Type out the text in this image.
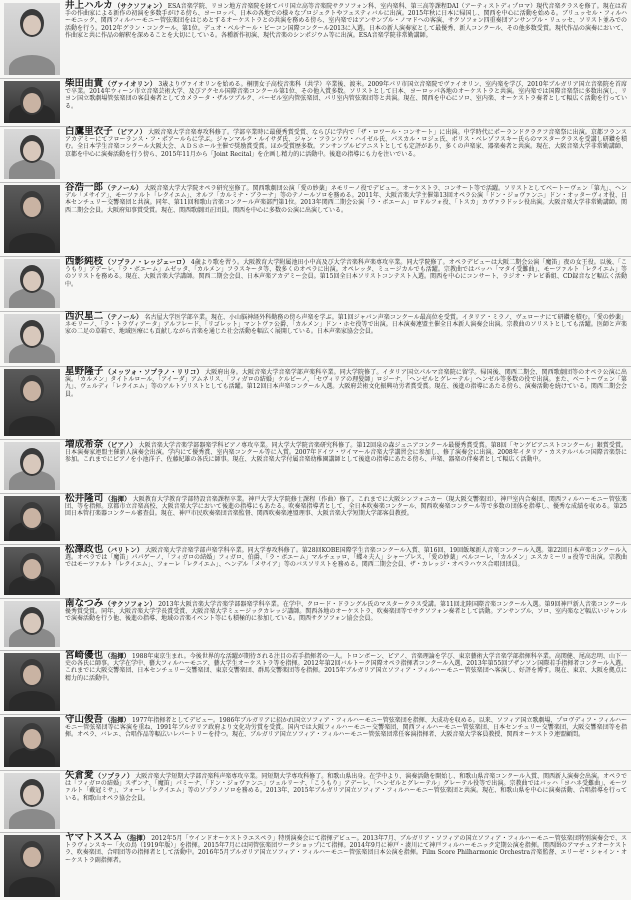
井上ハルカ（サクソフォン） ESA音楽学院、リヨン地方音楽院を経てパリ国立高等音楽院サクソフォン科、室内楽科、第三高等課程DAI（アーティストディプロマ）現代音楽クラスを修了。現在は若手の作曲家による新作の初演を多数手がける傍ら、ヨーロッパ、日本の各地での様々なプロジェクトやフェスティバルに出演。2015年秋に日本に帰国し、関西を中心に活動を始める。ブリュッセル・フィルハーモニック、関西フィルハーモニー管弦楽団をはじめとするオーケストラとの共演を務める傍ら、室内楽ではアンサンブル・ノマドへの客演、サクソフォン四重奏団アンサンブル・リュッセ、ソリスト並みでの活動を行う。2012年グラン・コンクール、第1位。デュオ・ベルナール・ビーコン国際コンクール2013に入選。日本の新人演奏家として最優秀、新人コンクール、その他多数受賞。現代作品の演奏において、作曲家と共に作品の解釈を深めることを大切にしている。各種新作初演、現代音楽のシンポジウム等に出演。ESA音楽学院非常勤講師。
柴田由貴（ヴァイオリン） 3歳よりヴァイオリンを始める。桐朋女子高校音楽科（共学）卒業後、渡米。2009年パリ市国立音楽院でヴァイオリン、室内楽を学び、2010年ブルガリア国立音楽院を首席で卒業。2014年ウィーン市立音楽芸術大学、及びアクセル国際音楽コンクール第1位、その他入賞多数。ソリストとして日本、ヨーロッパ各地のオーケストラと共演。室内楽では国際音楽祭に多数出演し、リヨン国立歌劇場管弦楽団の客員奏者としてカメラータ・ザルツブルク、バーゼル室内管弦楽団、パリ室内管弦楽団等と共演。現在、関西を中心にソロ、室内楽、オーケストラ奏者として幅広く活動を行っている。
白鷹里衣子（ピアノ） 大阪音楽大学音楽専攻科修了。学部卒業時に最優秀賞受賞、ならびに学内で「ザ・ロワール・コンサート」に出演。中学時代にポーランドクラクフ音楽祭に出演。京都フランスアカデミーにてフローランス・フ・ポアールらに学ぶ。ジャンマルク・ルイサダ氏、ジャン・フランソワ・ハイゼル氏、パスカル・ロジェ氏、ボリス・ベレゾフスキー氏らのマスタークラスを受講し研鑽を積む。全日本学生音楽コンクール大阪大会、ＡＤＳホール主催で奨励賞受賞。ほか受賞歴多数。アンサンブルピアニストとしても定評があり、多くの声楽家、器楽奏者と共演。現在、大阪音楽大学非常勤講師、京都を中心に演奏活動を行う傍ら、2015年11月から「Joint Recital」を企画し精力的に活動中。後進の指導にも力を注いでいる。
谷浩一郎（テノール） 大阪音楽大学大学院オペラ研究室修了。関西歌劇団公演「愛の妙薬」ネモリーノ役でデビュー。オーケストラ、コンサート等で活躍。ソリストとしてベートーヴェン「第九」、ヘンデル「メサイア」、モーツァルト「レクイエム」、オルフ「カルミナ・ブラーナ」等のテノールソロを務める。2011年、大阪音楽大学主催第13回オペラ公演「ドン・ジョヴァンニ」ドン・オッターヴィオ役、日本センチュリー交響楽団と共演。同年、第11回和歌山音楽コンクール声楽部門第1位。2013年関西二期会公演「ラ・ボエーム」ロドルフォ役、「トスカ」カヴァラドッシ役出演。大阪音楽大学非常勤講師。関西二期会会員。大阪府知事賞受賞。現在、関西歌劇団正団員。関西を中心に多数の公演に出演している。
西影純枝（ソプラノ・レッジェーロ） 4歳より歌を習う。大阪教育大学附属池田小中高及び大学音楽科声楽専攻卒業。同大学院修了。オペラデビューは大阪二期会公演「魔笛」夜の女王役。以後、「こうもり」アデーレ、「ラ・ボエーム」ムゼッタ、「カルメン」フラスキータ等、数多くのオペラに出演。オペレッタ、ミュージカルでも活躍。宗教曲ではバッハ「マタイ受難曲」、モーツァルト「レクイエム」等のソリストを務める。現在、大阪音楽大学講師。関西二期会会員、日本声楽アカデミー会員。第15回全日本ソリストコンテスト入選。関西を中心にコンサート、ラジオ・テレビ番組、CD録音など幅広く活動中。
西沢星二（テノール） 名古屋大学医学部卒業。現在、小山脳神経外科勤務の傍ら声楽を学ぶ。第1回ジャパン声楽コンクール最高位を受賞。イタリア・ミラノ、ヴェローナにて研鑽を積む。「愛の妙薬」ネモリーノ、「ラ・トラヴィアータ」アルフレード、「リゴレット」マントヴァ公爵、「カルメン」ドン・ホセ役等で出演。日本演奏連盟主催全日本新人演奏会出演。宗教曲のソリストとしても活躍。医師と声楽家の二足の草鞋で、地域医療にも貢献しながら音楽を通じた社会活動を幅広く展開している。日本声楽家協会会員。
星野隆子（メッツォ・ソプラノ・リリコ） 大阪府出身。大阪音楽大学音楽学部声楽科卒業。同大学院修了。イタリア国立パルマ音楽院に留学。帰国後、関西二期会、関西歌劇団等のオペラ公演に出演。「カルメン」タイトルロール、「アイーダ」アムネリス、「フィガロの結婚」ケルビーノ、「セヴィリアの理髪師」ロジーナ、「ヘンゼルとグレーテル」ヘンゼル等多数の役で出演。また、ベートーヴェン「第九」、ヴェルディ「レクイエム」等のアルトソリストとしても活躍。第12回日本声楽コンクール入選。大阪府芸術文化振興功労者賞受賞。現在、後進の指導にあたる傍ら、演奏活動を続けている。関西二期会会員。
増成希奈（ピアノ） 大阪音楽大学音楽学部器楽学科ピアノ専攻卒業。同大学大学院音楽研究科修了。第12回泉の森ジュニアコンクール最優秀賞受賞。第8回「ヤングピアニストコンクール」銀賞受賞。日本演奏家連盟主催新人演奏会出演。学内にて優秀賞、室内楽コンクール等に入賞。2007年ドイツ・ワイマール音楽大学講習会に参加し、修了演奏会に出演。2008年イタリア・カステルバルコ国際音楽祭に参加。これまでにピアノを小池洋子、佐藤紀雄の各氏に師事。現在、大阪音楽大学付属音楽幼稚園講師として後進の指導にあたる傍ら、声楽、器楽の伴奏者として幅広く活動中。
松井隆司（指揮） 大阪教育大学教育学部特設音楽課程卒業。神戸大学大学院修士課程（作曲）修了。これまでに大阪シンフォニカー（現大阪交響楽団）、神戸室内合奏団、関西フィルハーモニー管弦楽団、等を指揮。京都市立音楽高校、大阪音楽大学において後進の指導にもあたる。吹奏楽指導者として、全日本吹奏楽コンクール、関西吹奏楽コンクール等で多数の団体を指導し、優秀な成績を収める。第25回日本管打楽器コンクール審査員。現在、神戸市民吹奏楽団音楽監督、関西吹奏楽連盟理事、大阪音楽大学短期大学部客員教授。
松澤政也（バリトン） 大阪音楽大学音楽学部声楽学科卒業。同大学専攻科修了。第28回KOBE国際学生音楽コンクール入賞、第16回、19回飯塚新人音楽コンクール入選。第22回日本声楽コンクール入選。オペラでは「魔笛」パパゲーノ、「フィガロの結婚」フィガロ、伯爵、「ラ・ボエーム」マルチェッロ、「蝶々夫人」シャープレス、「愛の妙薬」ベルコーレ、「カルメン」エスカミーリョ役等で出演。宗教曲ではモーツァルト「レクイエム」、フォーレ「レクイエム」、ヘンデル「メサイア」等のバスソリストを務める。関西二期会会員、ザ・カレッジ・オペラハウス合唱団団員。
南なつみ（サクソフォン） 2013年大阪音楽大学音楽学部器楽学科卒業。在学中、クロード・ドラングル氏のマスタークラス受講。第11回北陸国際音楽コンクール入選。第9回神戸新人音楽コンクール優秀賞受賞。同年、大阪音楽大学学長賞受賞、大阪音楽大学ミュージックカレッジ講師。関西各地のオーケストラ、吹奏楽団等でサクソフォン奏者として活動。アンサンブル、ソロ、室内楽など幅広いジャンルで演奏活動を行う他、後進の指導、地域の音楽イベント等にも積極的に参加している。関西サクソフォン協会会員。
宮崎優也（指揮） 1988年東京生まれ。今後世界的な活躍が期待される注目の若手指揮者の一人。トロンボーン、ピアノ、音楽理論を学び、東京藝術大学音楽学部指揮科卒業。高関健、尾高忠明、山下一史の各氏に師事。大学在学中、藝大フィルハーモニア、藝大学生オーケストラ等を指揮。2012年第2回バルトーク国際オペラ指揮者コンクール入選、2013年第55回ブザンソン国際若手指揮者コンクール入選。これまでに大阪交響楽団、日本センチュリー交響楽団、東京交響楽団、群馬交響楽団等を指揮。2015年ブルガリア国立ソフィア・フィルハーモニー管弦楽団へ客演し、好評を博す。現在、東京、大阪を拠点に精力的に活動中。
守山俊吾（指揮） 1977年指揮者としてデビュー。1986年ブルガリアに招かれ国立ソフィア・フィルハーモニー管弦楽団を指揮、大成功を収める。以来、ソフィア国立歌劇場、プロヴディフ・フィルハーモニー管弦楽団等に客演を重ね、1991年ブルガリア政府より文化功労賞を受賞。国内では大阪フィルハーモニー交響楽団、関西フィルハーモニー管弦楽団、日本センチュリー交響楽団、大阪交響楽団等を指揮。オペラ、バレエ、合唱作品等幅広いレパートリーを持つ。現在、ブルガリア国立ソフィア・フィルハーモニー管弦楽団常任客演指揮者、大阪音楽大学客員教授、関西オーケストラ連盟顧問。
矢倉愛（ソプラノ） 大阪音楽大学短期大学部音楽科声楽専攻卒業。同短期大学専攻科修了。和歌山県出身。在学中より、演奏活動を開始し、和歌山県音楽コンクール入賞、関西新人演奏会出演。オペラでは「フィガロの結婚」スザンナ、「魔笛」パミーナ、「ドン・ジョヴァンニ」ツェルリーナ、「こうもり」アデーレ、「ヘンゼルとグレーテル」グレーテル役等で出演。宗教曲ではバッハ「ヨハネ受難曲」、モーツァルト「戴冠ミサ」、フォーレ「レクイエム」等のソプラノソロを務める。2013年、2015年ブルガリア国立ソフィア・フィルハーモニー管弦楽団と共演。現在、和歌山県を中心に演奏活動、合唱指導を行っている。和歌山オペラ協会会員。
ヤマトススム（指揮） 2012年5月「ウインドオーケストラエスペラ」特別演奏会にて指揮デビュー。2013年7月、ブルガリア・ソフィアの国立ソフィア・フィルハーモニー管弦楽団特別演奏会で、ストラヴィンスキー「火の鳥（1919年版）」を指揮。2015年7月には同管弦楽団ワークショップにて指揮。2014年9月に神戸・湊川にて神戸フィルハーモニック定期公演を指揮。関西圏のアマチュアオーケストラ、吹奏楽団、合唱団等の指揮者として活動中。2016年5月ブルガリア国立ソフィア・フィルハーモニー管弦楽団日本公演を指揮。Film Score Philharmonic Orchestra音楽監督、エリーゼ・シャイン・オーケストラ副指揮者。
